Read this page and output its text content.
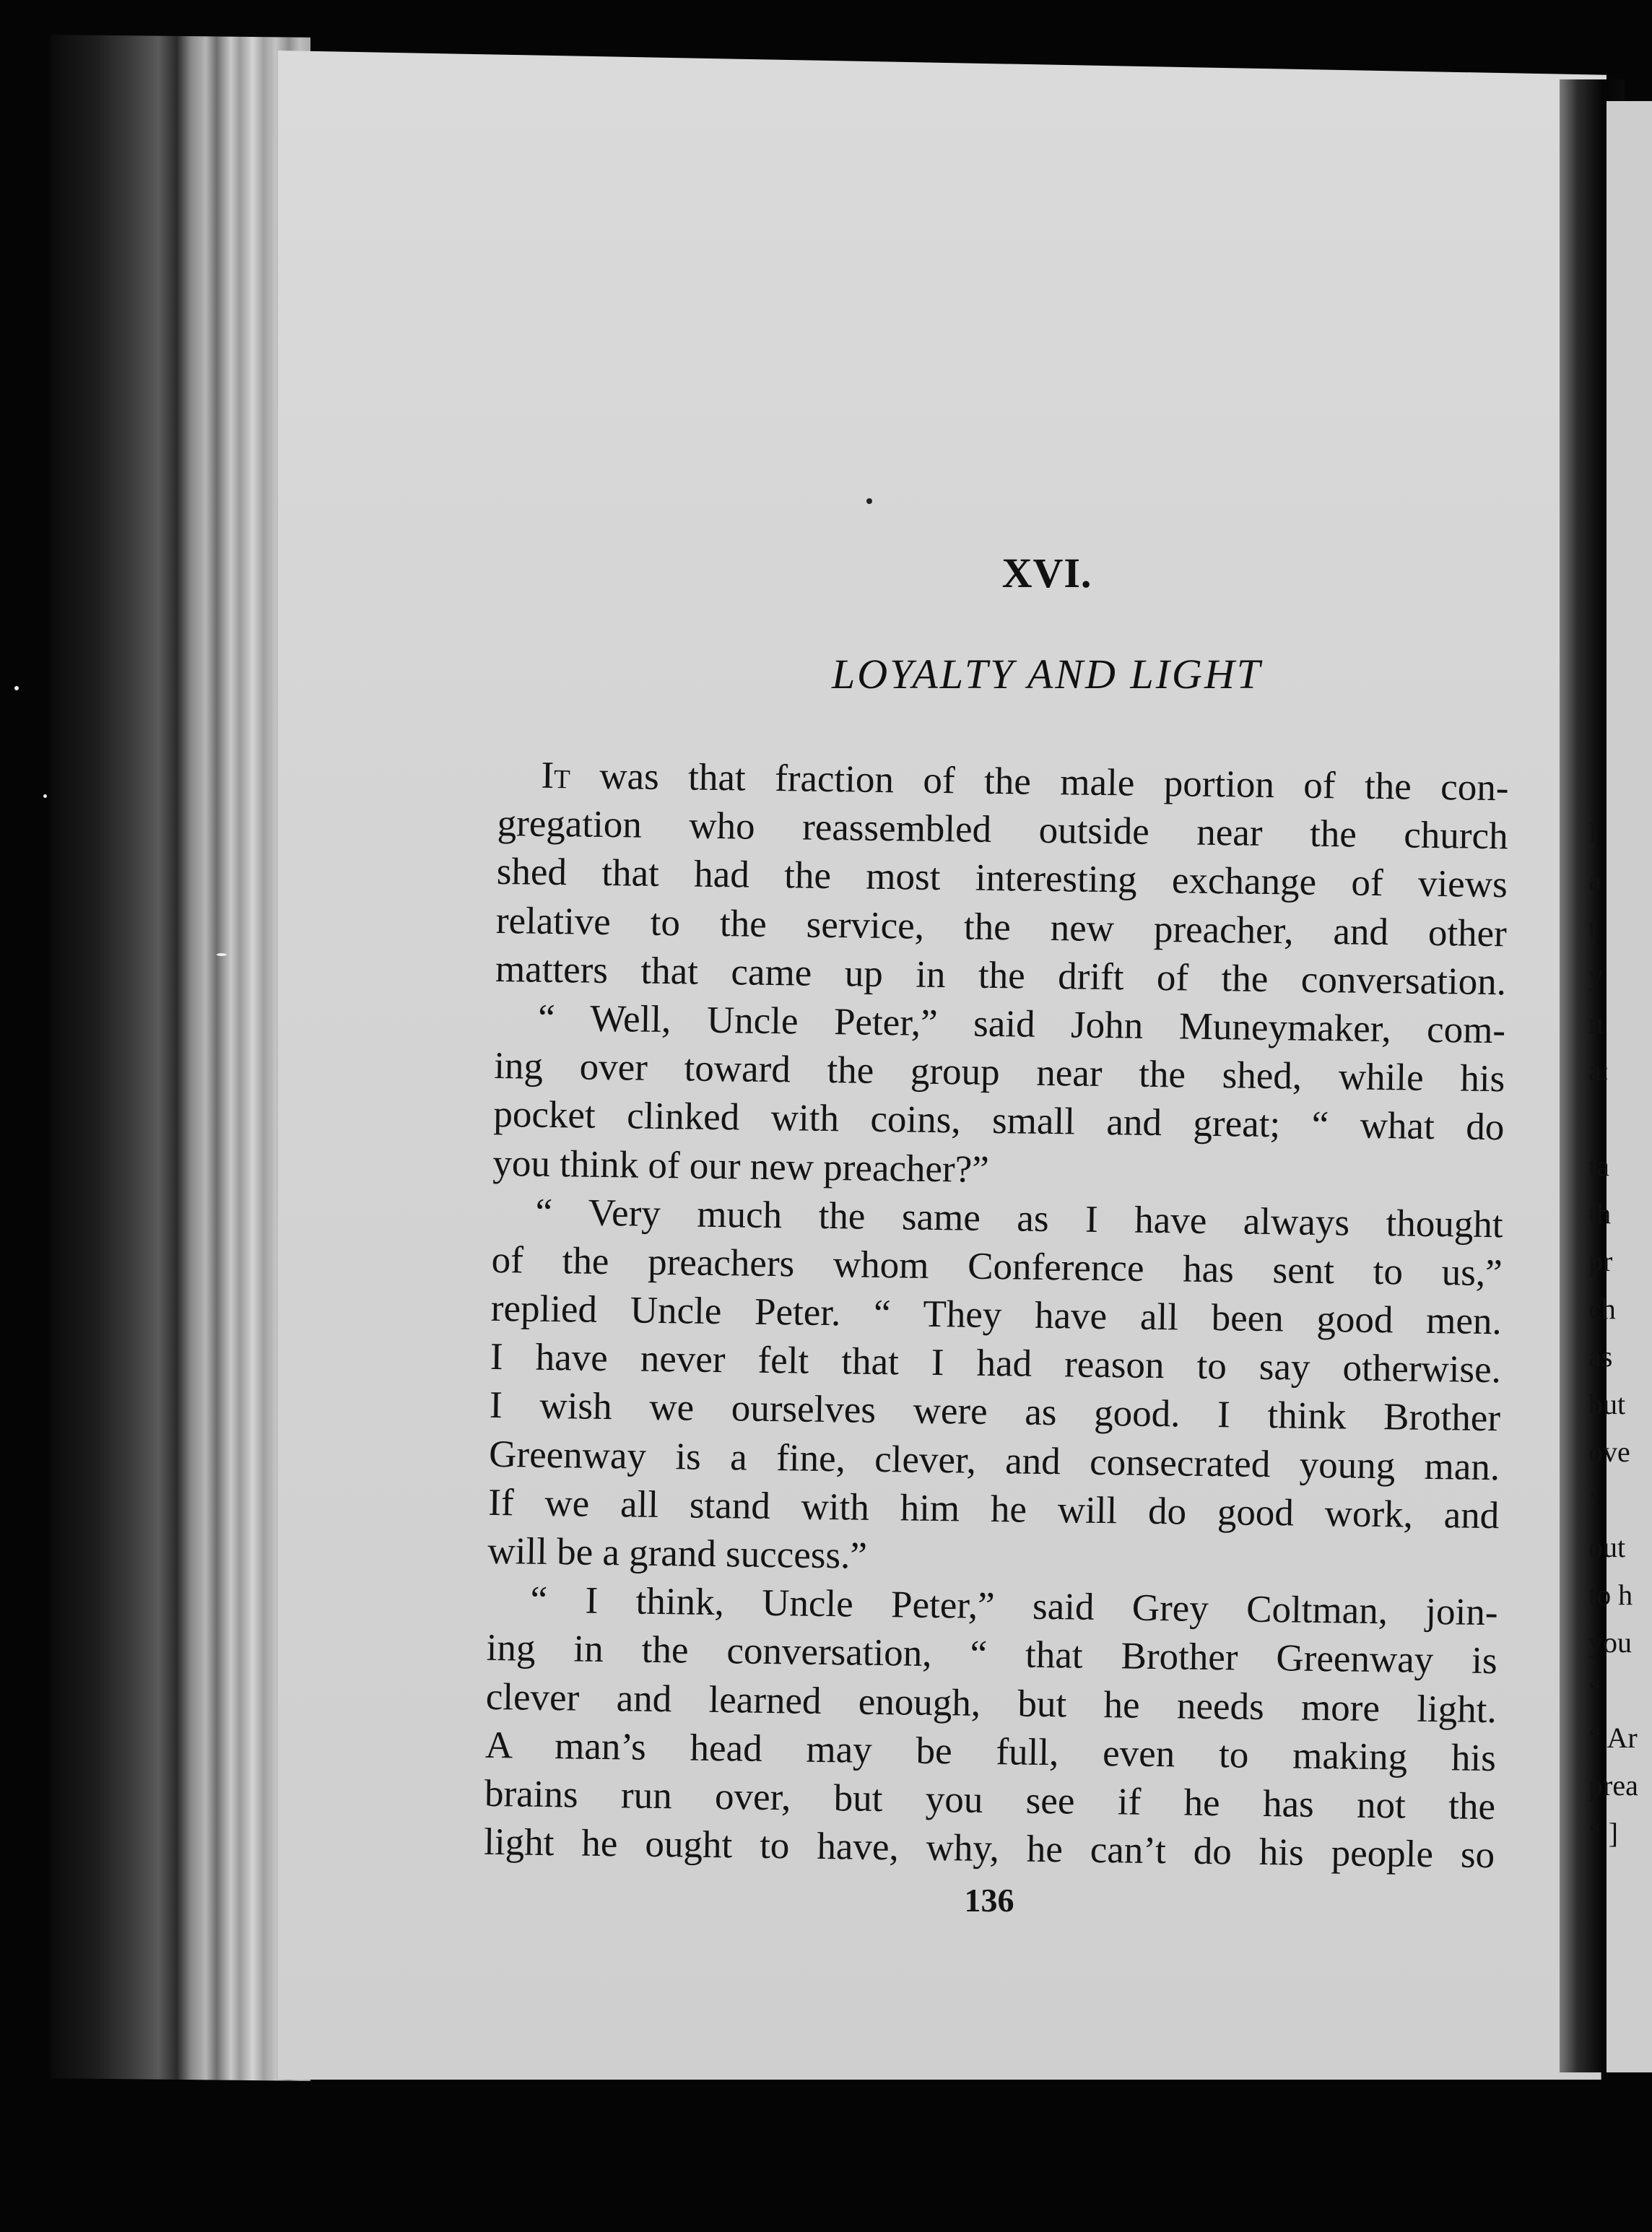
I
a
t
y
n
a:
ta
th
pr
ch
as
but
ove
‘
out
to h
you
“
“ Ar
prea
“ ]
XVI.
LOYALTY AND LIGHT
It was that fraction of the male portion of the con-
gregation who reassembled outside near the church
shed that had the most interesting exchange of views
relative to the service, the new preacher, and other
matters that came up in the drift of the conversation.
“ Well, Uncle Peter,” said John Muneymaker, com-
ing over toward the group near the shed, while his
pocket clinked with coins, small and great; “ what do
you think of our new preacher?”
“ Very much the same as I have always thought
of the preachers whom Conference has sent to us,”
replied Uncle Peter. “ They have all been good men.
I have never felt that I had reason to say otherwise.
I wish we ourselves were as good. I think Brother
Greenway is a fine, clever, and consecrated young man.
If we all stand with him he will do good work, and
will be a grand success.”
“ I think, Uncle Peter,” said Grey Coltman, join-
ing in the conversation, “ that Brother Greenway is
clever and learned enough, but he needs more light.
A man’s head may be full, even to making his
brains run over, but you see if he has not the
light he ought to have, why, he can’t do his people so
136
